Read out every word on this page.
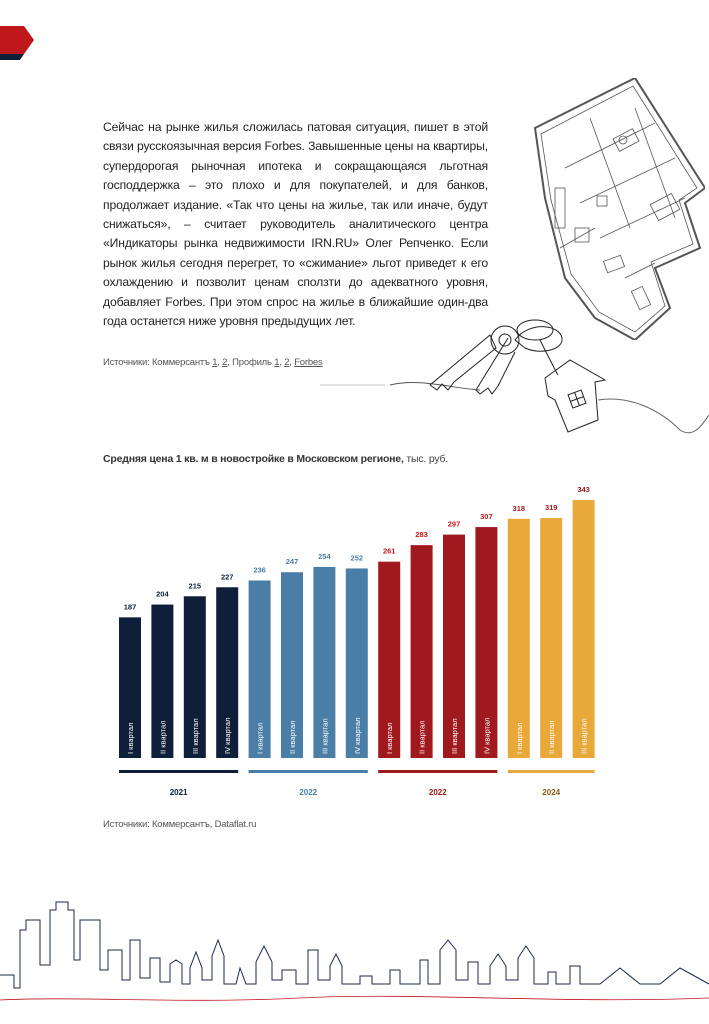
Сейчас на рынке жилья сложилась патовая ситуация, пишет в этой связи русскоязычная версия Forbes. Завышенные цены на квартиры, супердорогая рыночная ипотека и сокращающаяся льготная господдержка – это плохо и для покупателей, и для банков, продолжает издание. «Так что цены на жилье, так или иначе, будут снижаться», – считает руководитель аналитического центра «Индикаторы рынка недвижимости IRN.RU» Олег Репченко. Если рынок жилья сегодня перегрет, то «сжимание» льгот приведет к его охлаждению и позволит ценам сползти до адекватного уровня, добавляет Forbes. При этом спрос на жилье в ближайшие один-два года останется ниже уровня предыдущих лет.
Источники: Коммерсантъ 1, 2, Профиль 1, 2, Forbes
Средняя цена 1 кв. м в новостройке в Московском регионе, тыс. руб.
187
I квартал
204
II квартал
215
III квартал
227
IV квартал
236
I квартал
247
II квартал
254
III квартал
252
IV квартал
261
I квартал
283
II квартал
297
III квартал
307
IV квартал
318
I квартал
319
II квартал
343
III квартал
2021	2022	2022	2024
Источники: Коммерсантъ, Dataflat.ru
